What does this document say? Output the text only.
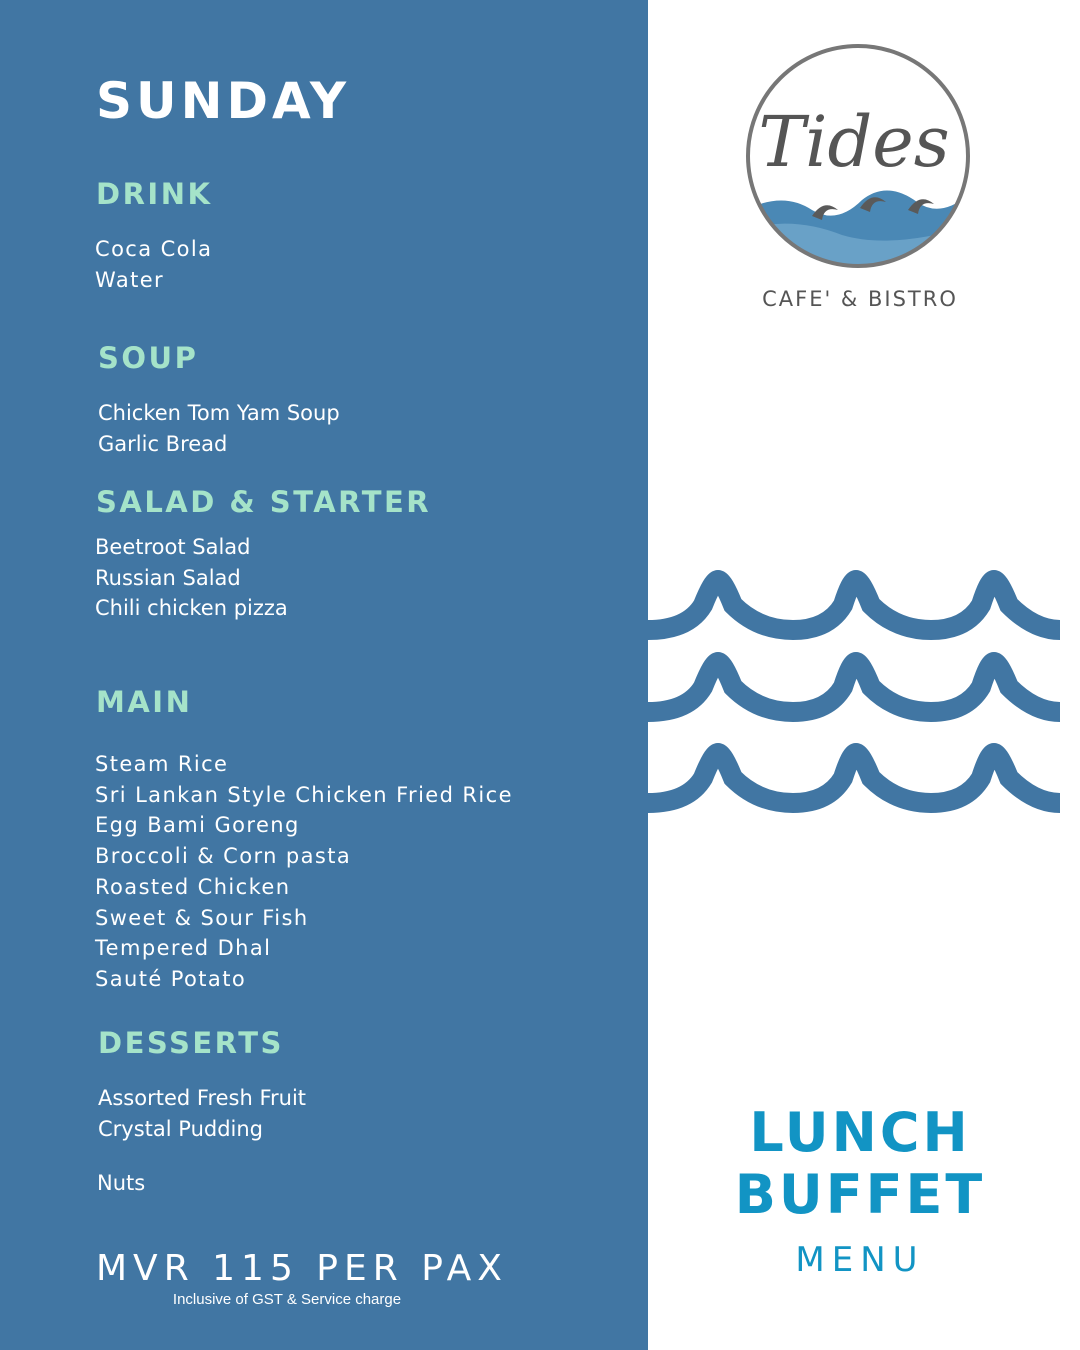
SUNDAY
DRINK
Coca Cola
Water
SOUP
Chicken Tom Yam Soup
Garlic Bread
SALAD & STARTER
Beetroot Salad
Russian Salad
Chili chicken pizza
MAIN
Steam Rice
Sri Lankan Style Chicken Fried Rice
Egg Bami Goreng
Broccoli & Corn pasta
Roasted Chicken
Sweet & Sour Fish
Tempered Dhal
Sauté Potato
DESSERTS
Assorted Fresh Fruit
Crystal Pudding

Nuts

MVR 115 PER PAX

Inclusive of GST & Service charge

Tides

CAFE' & BISTRO

LUNCH
BUFFET

MENU
